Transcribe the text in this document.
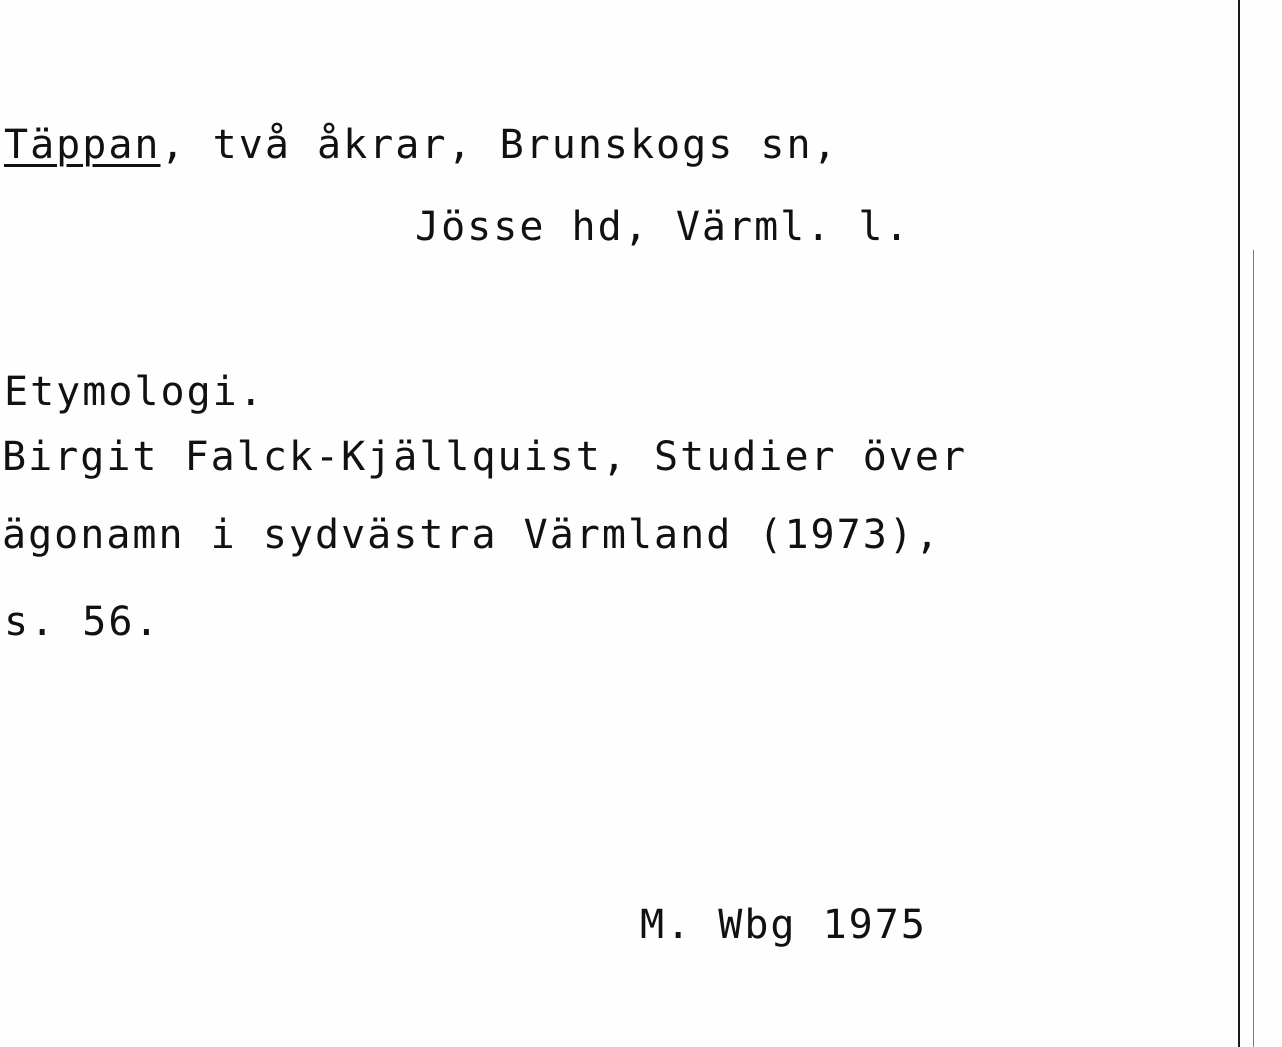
Täppan, två åkrar, Brunskogs sn,
Jösse hd, Värml. l.
Etymologi.
Birgit Falck-Kjällquist, Studier över
ägonamn i sydvästra Värmland (1973),
s. 56.
M. Wbg 1975
